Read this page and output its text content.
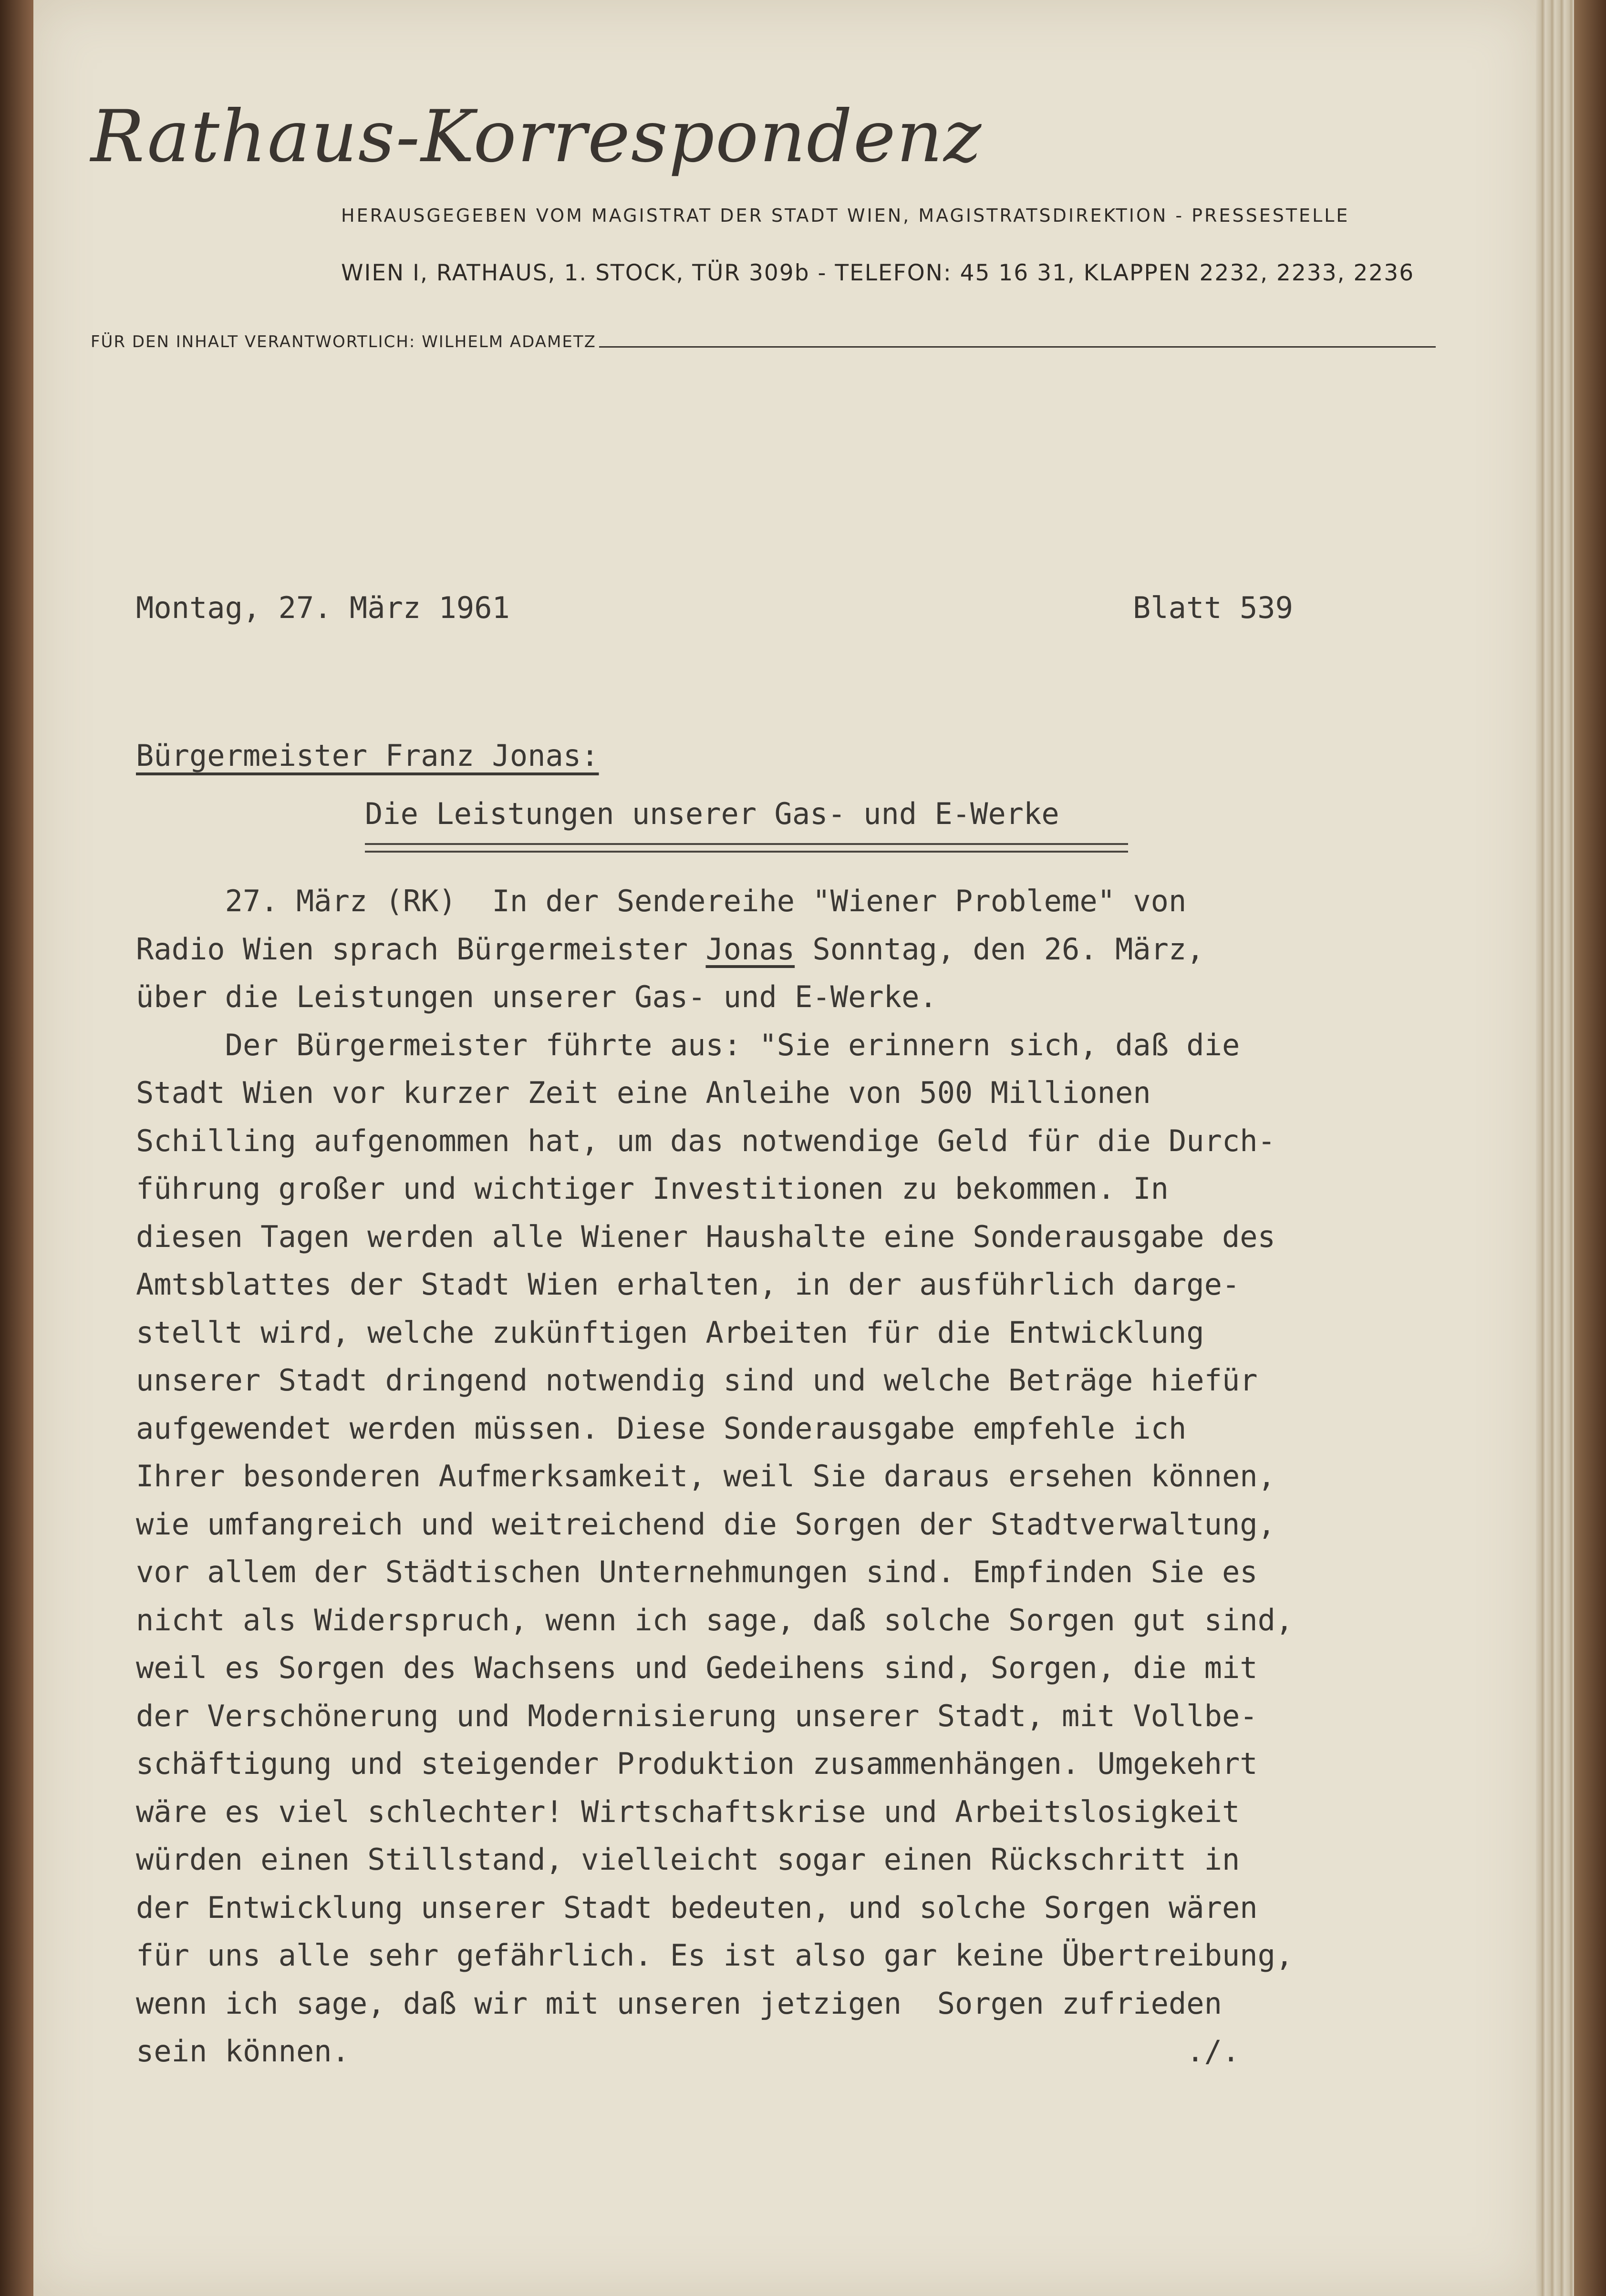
Rathaus-Korrespondenz
HERAUSGEGEBEN VOM MAGISTRAT DER STADT WIEN, MAGISTRATSDIREKTION - PRESSESTELLE
WIEN I, RATHAUS, 1. STOCK, TÜR 309b - TELEFON: 45 16 31, KLAPPEN 2232, 2233, 2236
FÜR DEN INHALT VERANTWORTLICH: WILHELM ADAMETZ
Montag, 27. März 1961	Blatt 539
Bürgermeister Franz Jonas:
Die Leistungen unserer Gas- und E-Werke
27. März (RK)  In der Sendereihe "Wiener Probleme" von
Radio Wien sprach Bürgermeister Jonas Sonntag, den 26. März,
über die Leistungen unserer Gas- und E-Werke.
Der Bürgermeister führte aus: "Sie erinnern sich, daß die
Stadt Wien vor kurzer Zeit eine Anleihe von 500 Millionen
Schilling aufgenommen hat, um das notwendige Geld für die Durch-
führung großer und wichtiger Investitionen zu bekommen. In
diesen Tagen werden alle Wiener Haushalte eine Sonderausgabe des
Amtsblattes der Stadt Wien erhalten, in der ausführlich darge-
stellt wird, welche zukünftigen Arbeiten für die Entwicklung
unserer Stadt dringend notwendig sind und welche Beträge hiefür
aufgewendet werden müssen. Diese Sonderausgabe empfehle ich
Ihrer besonderen Aufmerksamkeit, weil Sie daraus ersehen können,
wie umfangreich und weitreichend die Sorgen der Stadtverwaltung,
vor allem der Städtischen Unternehmungen sind. Empfinden Sie es
nicht als Widerspruch, wenn ich sage, daß solche Sorgen gut sind,
weil es Sorgen des Wachsens und Gedeihens sind, Sorgen, die mit
der Verschönerung und Modernisierung unserer Stadt, mit Vollbe-
schäftigung und steigender Produktion zusammenhängen. Umgekehrt
wäre es viel schlechter! Wirtschaftskrise und Arbeitslosigkeit
würden einen Stillstand, vielleicht sogar einen Rückschritt in
der Entwicklung unserer Stadt bedeuten, und solche Sorgen wären
für uns alle sehr gefährlich. Es ist also gar keine Übertreibung,
wenn ich sage, daß wir mit unseren jetzigen  Sorgen zufrieden
sein können.                                               ./.
